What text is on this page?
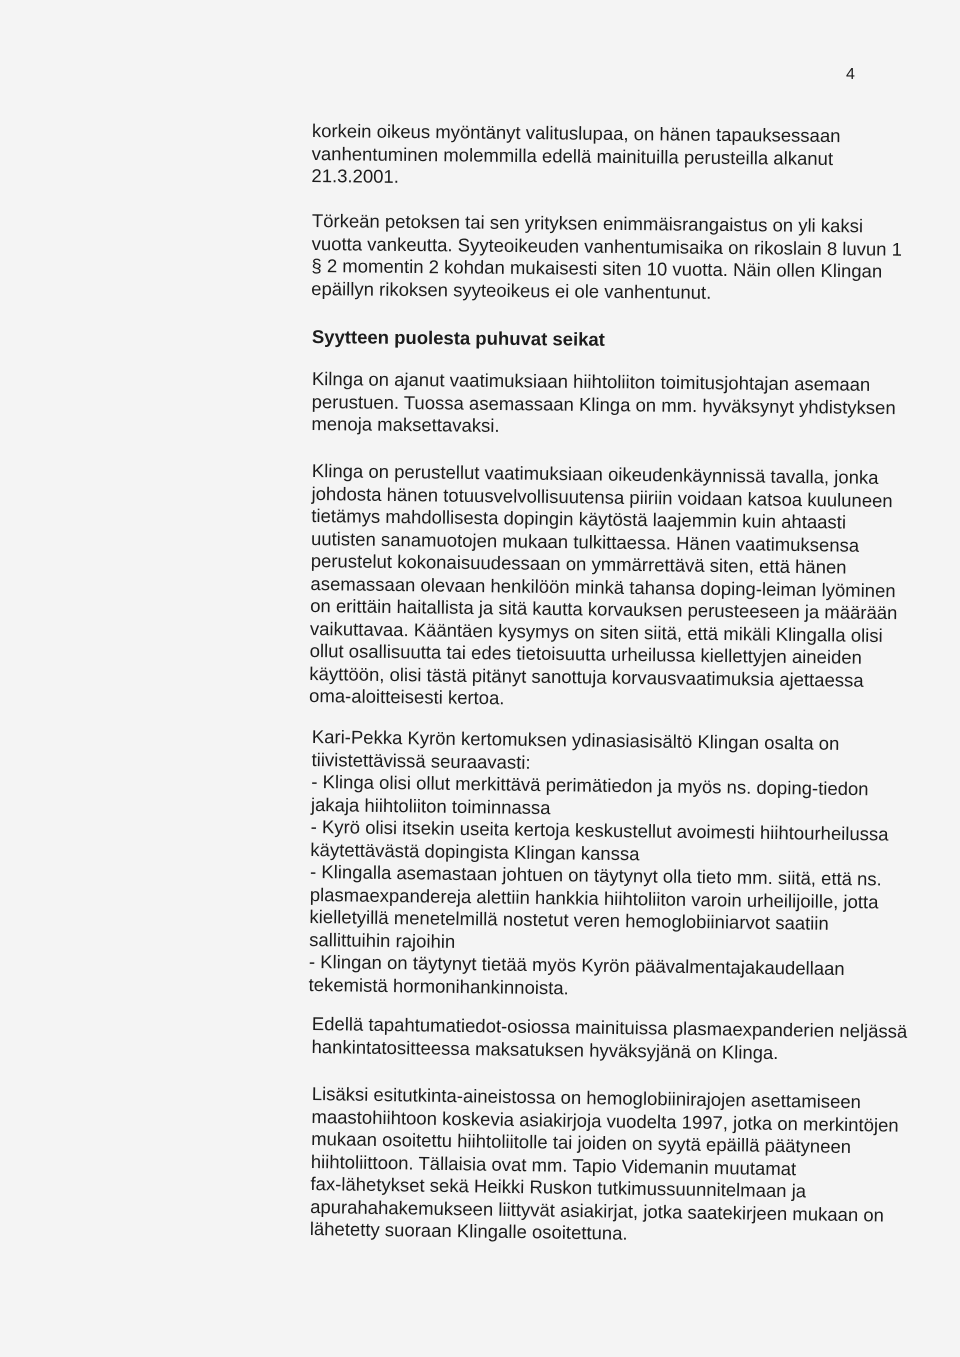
4

korkein oikeus myöntänyt valituslupaa, on hänen tapauksessaan
vanhentuminen molemmilla edellä mainituilla perusteilla alkanut
21.3.2001.

Törkeän petoksen tai sen yrityksen enimmäisrangaistus on yli kaksi
vuotta vankeutta. Syyteoikeuden vanhentumisaika on rikoslain 8 luvun 1
§ 2 momentin 2 kohdan mukaisesti siten 10 vuotta. Näin ollen Klingan
epäillyn rikoksen syyteoikeus ei ole vanhentunut.

Syytteen puolesta puhuvat seikat

Kilnga on ajanut vaatimuksiaan hiihtoliiton toimitusjohtajan asemaan
perustuen. Tuossa asemassaan Klinga on mm. hyväksynyt yhdistyksen
menoja maksettavaksi.

Klinga on perustellut vaatimuksiaan oikeudenkäynnissä tavalla, jonka
johdosta hänen totuusvelvollisuutensa piiriin voidaan katsoa kuuluneen
tietämys mahdollisesta dopingin käytöstä laajemmin kuin ahtaasti
uutisten sanamuotojen mukaan tulkittaessa. Hänen vaatimuksensa
perustelut kokonaisuudessaan on ymmärrettävä siten, että hänen
asemassaan olevaan henkilöön minkä tahansa doping-leiman lyöminen
on erittäin haitallista ja sitä kautta korvauksen perusteeseen ja määrään
vaikuttavaa. Kääntäen kysymys on siten siitä, että mikäli Klingalla olisi
ollut osallisuutta tai edes tietoisuutta urheilussa kiellettyjen aineiden
käyttöön, olisi tästä pitänyt sanottuja korvausvaatimuksia ajettaessa
oma-aloitteisesti kertoa.

Kari-Pekka Kyrön kertomuksen ydinasiasisältö Klingan osalta on
tiivistettävissä seuraavasti:
- Klinga olisi ollut merkittävä perimätiedon ja myös ns. doping-tiedon
jakaja hiihtoliiton toiminnassa
- Kyrö olisi itsekin useita kertoja keskustellut avoimesti hiihtourheilussa
käytettävästä dopingista Klingan kanssa
- Klingalla asemastaan johtuen on täytynyt olla tieto mm. siitä, että ns.
plasmaexpandereja alettiin hankkia hiihtoliiton varoin urheilijoille, jotta
kielletyillä menetelmillä nostetut veren hemoglobiiniarvot saatiin
sallittuihin rajoihin
- Klingan on täytynyt tietää myös Kyrön päävalmentajakaudellaan
tekemistä hormonihankinnoista.

Edellä tapahtumatiedot-osiossa mainituissa plasmaexpanderien neljässä
hankintatositteessa maksatuksen hyväksyjänä on Klinga.

Lisäksi esitutkinta-aineistossa on hemoglobiinirajojen asettamiseen
maastohiihtoon koskevia asiakirjoja vuodelta 1997, jotka on merkintöjen
mukaan osoitettu hiihtoliitolle tai joiden on syytä epäillä päätyneen
hiihtoliittoon. Tällaisia ovat mm. Tapio Videmanin muutamat
fax-lähetykset sekä Heikki Ruskon tutkimussuunnitelmaan ja
apurahahakemukseen liittyvät asiakirjat, jotka saatekirjeen mukaan on
lähetetty suoraan Klingalle osoitettuna.
